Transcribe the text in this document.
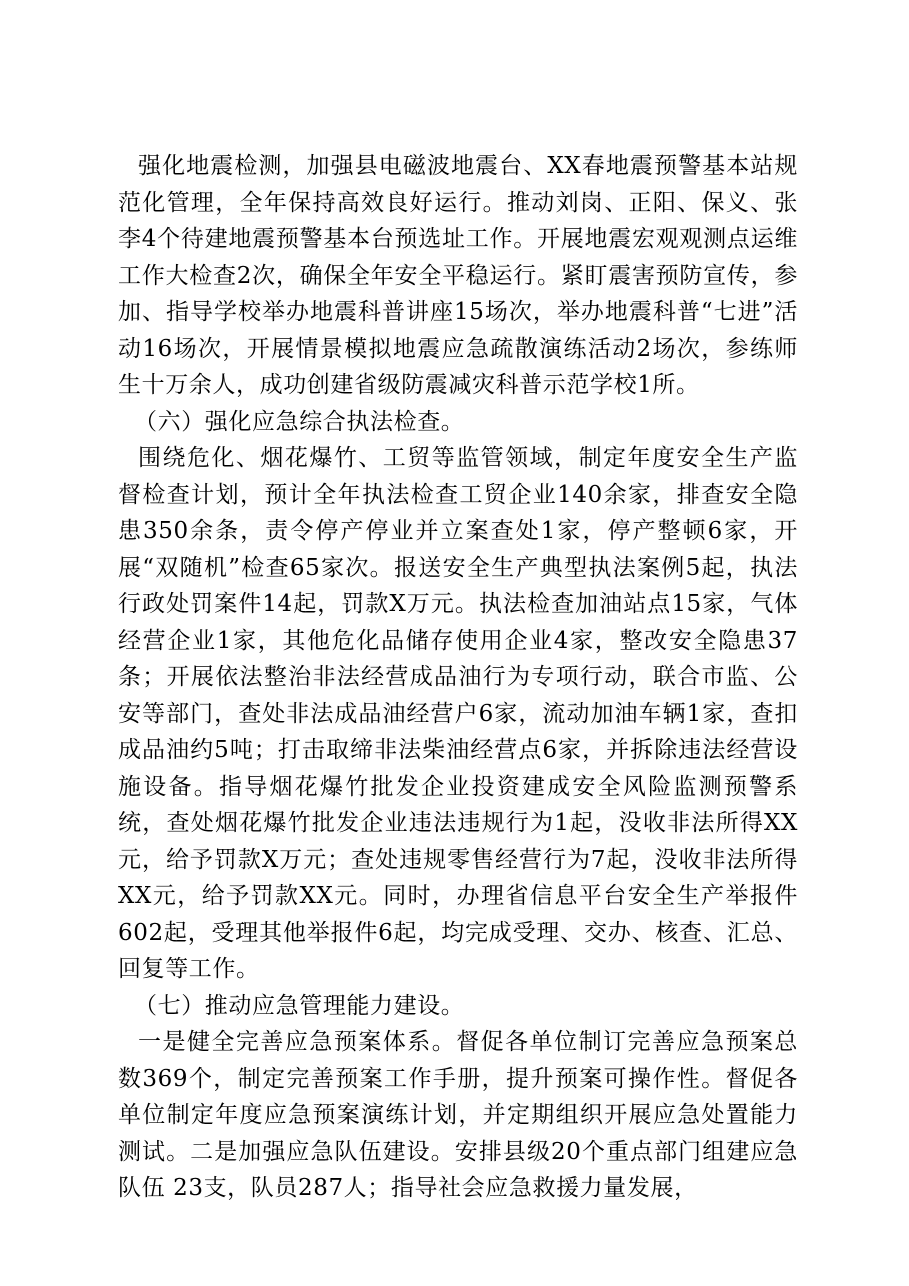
强化地震检测，加强县电磁波地震台、XX春地震预警基本站规范化管理，全年保持高效良好运行。推动刘岗、正阳、保义、张李4个待建地震预警基本台预选址工作。开展地震宏观观测点运维工作大检查2次，确保全年安全平稳运行。紧盯震害预防宣传，参加、指导学校举办地震科普讲座15场次，举办地震科普“七进”活动16场次，开展情景模拟地震应急疏散演练活动2场次，参练师生十万余人，成功创建省级防震减灾科普示范学校1所。

（六）强化应急综合执法检查。

围绕危化、烟花爆竹、工贸等监管领域，制定年度安全生产监督检查计划，预计全年执法检查工贸企业140余家，排查安全隐患350余条，责令停产停业并立案查处1家，停产整顿6家，开展“双随机”检查65家次。报送安全生产典型执法案例5起，执法行政处罚案件14起，罚款X万元。执法检查加油站点15家，气体经营企业1家，其他危化品储存使用企业4家，整改安全隐患37条；开展依法整治非法经营成品油行为专项行动，联合市监、公安等部门，查处非法成品油经营户6家，流动加油车辆1家，查扣成品油约5吨；打击取缔非法柴油经营点6家，并拆除违法经营设施设备。指导烟花爆竹批发企业投资建成安全风险监测预警系统，查处烟花爆竹批发企业违法违规行为1起，没收非法所得XX元，给予罚款X万元；查处违规零售经营行为7起，没收非法所得XX元，给予罚款XX元。同时，办理省信息平台安全生产举报件602起，受理其他举报件6起，均完成受理、交办、核查、汇总、回复等工作。

（七）推动应急管理能力建设。

一是健全完善应急预案体系。督促各单位制订完善应急预案总数369个，制定完善预案工作手册，提升预案可操作性。督促各单位制定年度应急预案演练计划，并定期组织开展应急处置能力测试。二是加强应急队伍建设。安排县级20个重点部门组建应急队伍 23支，队员287人；指导社会应急救援力量发展，
